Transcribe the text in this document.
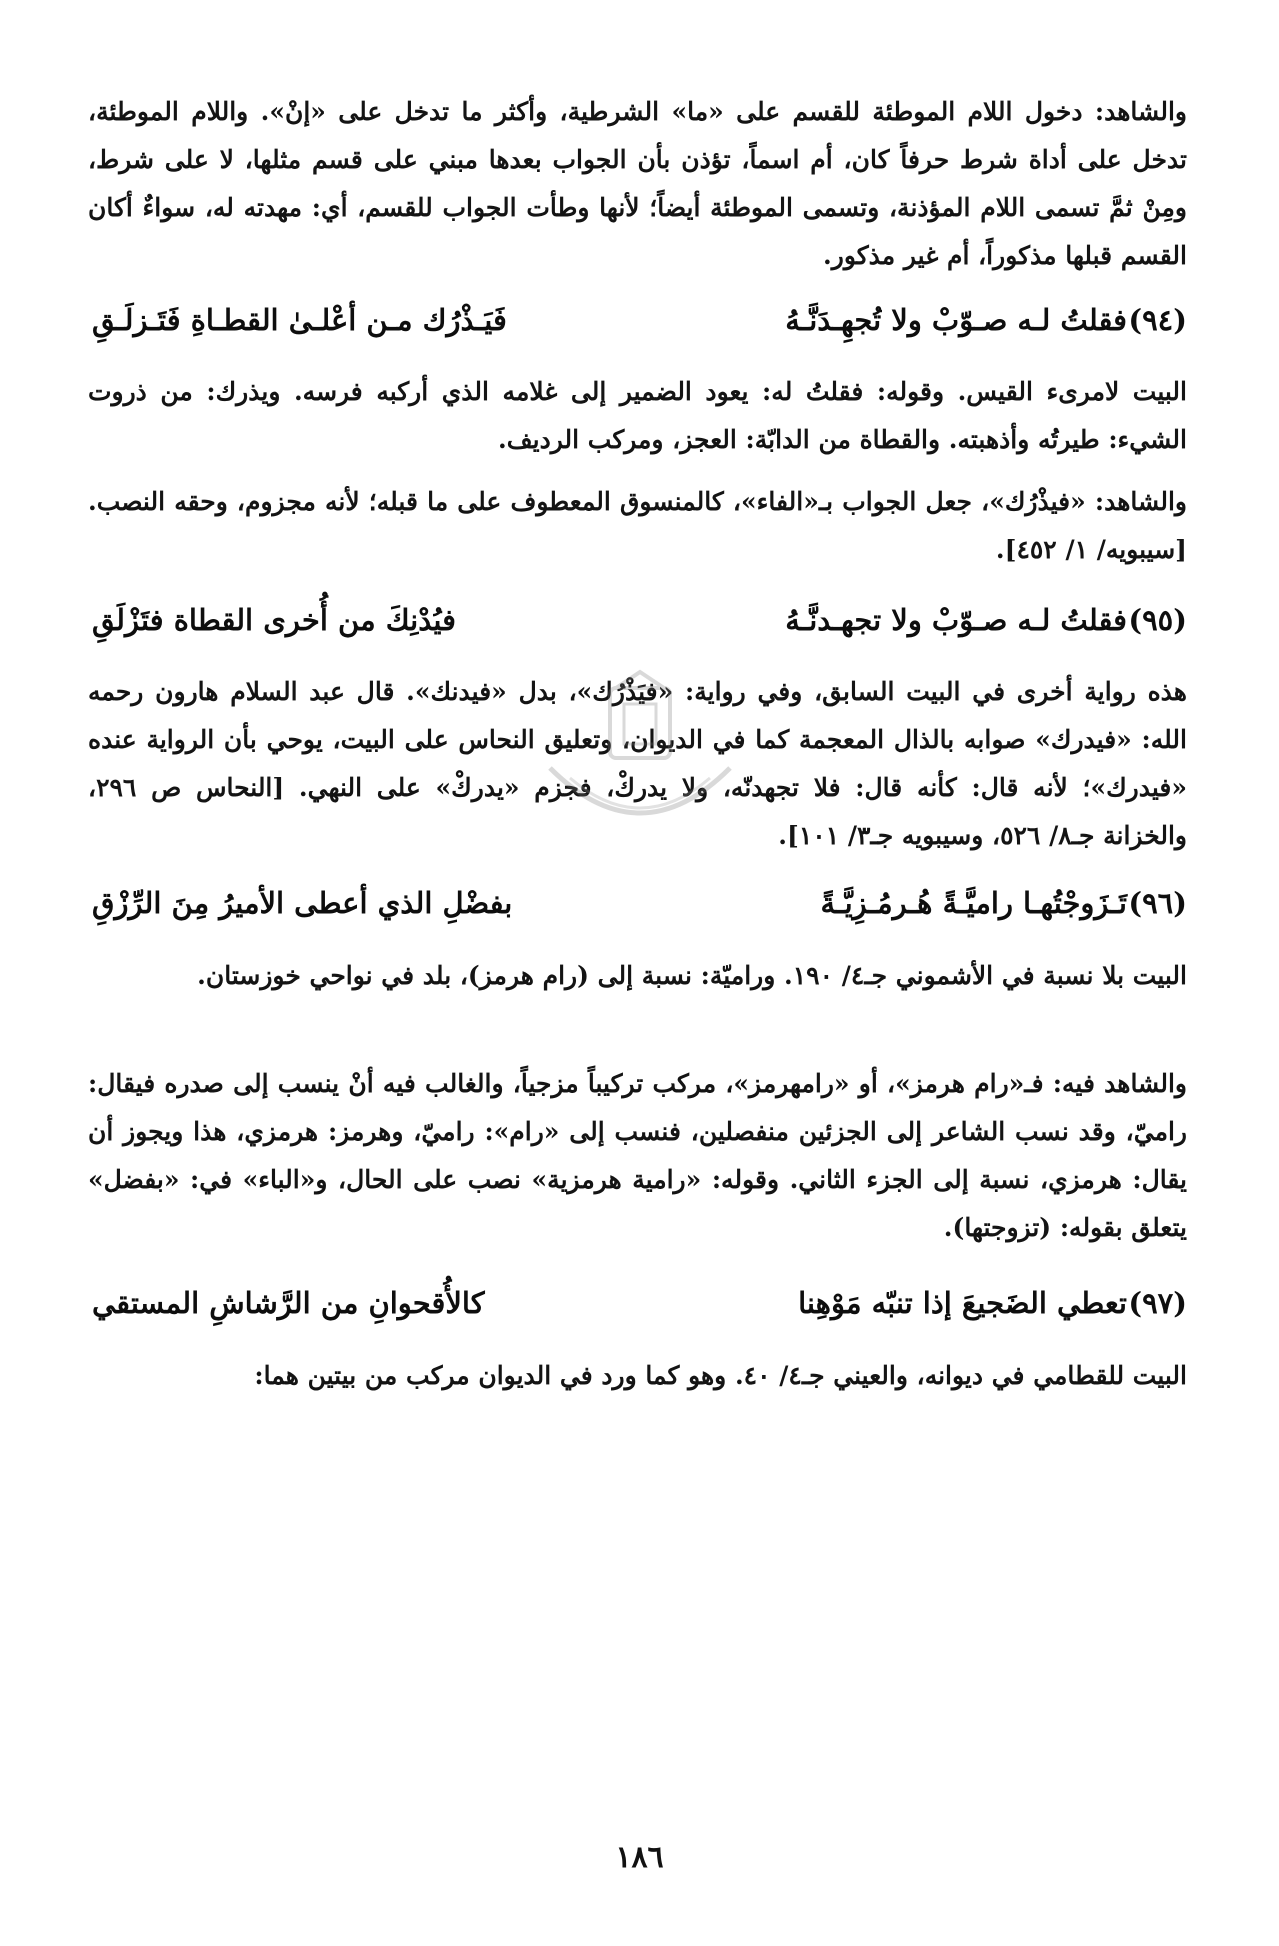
والشاهد: دخول اللام الموطئة للقسم على «ما» الشرطية، وأكثر ما تدخل على «إنْ». واللام الموطئة، تدخل على أداة شرط حرفاً كان، أم اسماً، تؤذن بأن الجواب بعدها مبني على قسم مثلها، لا على شرط، ومِنْ ثمَّ تسمى اللام المؤذنة، وتسمى الموطئة أيضاً؛ لأنها وطأت الجواب للقسم، أي: مهدته له، سواءٌ أكان القسم قبلها مذكوراً، أم غير مذكور.

(٩٤)
فقلتُ لـه صـوّبْ ولا تُجهِـدَنَّـهُ
فَيَـذْرُك مـن أعْلـىٰ القطـاةِ فَتَـزلَـقِ

البيت لامرىء القيس. وقوله: فقلتُ له: يعود الضمير إلى غلامه الذي أركبه فرسه. ويذرك: من ذروت الشيء: طيرتُه وأذهبته. والقطاة من الدابّة: العجز، ومركب الرديف.

والشاهد: «فيذْرُك»، جعل الجواب بـ«الفاء»، كالمنسوق المعطوف على ما قبله؛ لأنه مجزوم، وحقه النصب. [سيبويه/ ١/ ٤٥٢].

(٩٥)
فقلتُ لـه صـوّبْ ولا تجهـدنَّـهُ
فيُدْنِكَ من أُخرى القطاة فتَزْلَقِ

هذه رواية أخرى في البيت السابق، وفي رواية: «فيَذْرُك»، بدل «فيدنك». قال عبد السلام هارون رحمه الله: «فيدرك» صوابه بالذال المعجمة كما في الديوان، وتعليق النحاس على البيت، يوحي بأن الرواية عنده «فيدرك»؛ لأنه قال: كأنه قال: فلا تجهدنّه، ولا يدركْ، فجزم «يدركْ» على النهي. [النحاس ص ٢٩٦، والخزانة جـ٨/ ٥٢٦، وسيبويه جـ٣/ ١٠١].

(٩٦)
تَـزَوجْتُهـا راميَّـةً هُـرمُـزِيَّـةً
بفضْلِ الذي أعطى الأميرُ مِنَ الرِّزْقِ

البيت بلا نسبة في الأشموني جـ٤/ ١٩٠. وراميّة: نسبة إلى (رام هرمز)، بلد في نواحي خوزستان.

والشاهد فيه: فـ«رام هرمز»، أو «رامهرمز»، مركب تركيباً مزجياً، والغالب فيه أنْ ينسب إلى صدره فيقال: راميّ، وقد نسب الشاعر إلى الجزئين منفصلين، فنسب إلى «رام»: راميّ، وهرمز: هرمزي، هذا ويجوز أن يقال: هرمزي، نسبة إلى الجزء الثاني. وقوله: «رامية هرمزية» نصب على الحال، و«الباء» في: «بفضل» يتعلق بقوله: (تزوجتها).

(٩٧)
تعطي الضَجيعَ إذا تنبّه مَوْهِنا
كالأُقحوانِ من الرَّشاشِ المستقي

البيت للقطامي في ديوانه، والعيني جـ٤/ ٤٠. وهو كما ورد في الديوان مركب من بيتين هما:

١٨٦
